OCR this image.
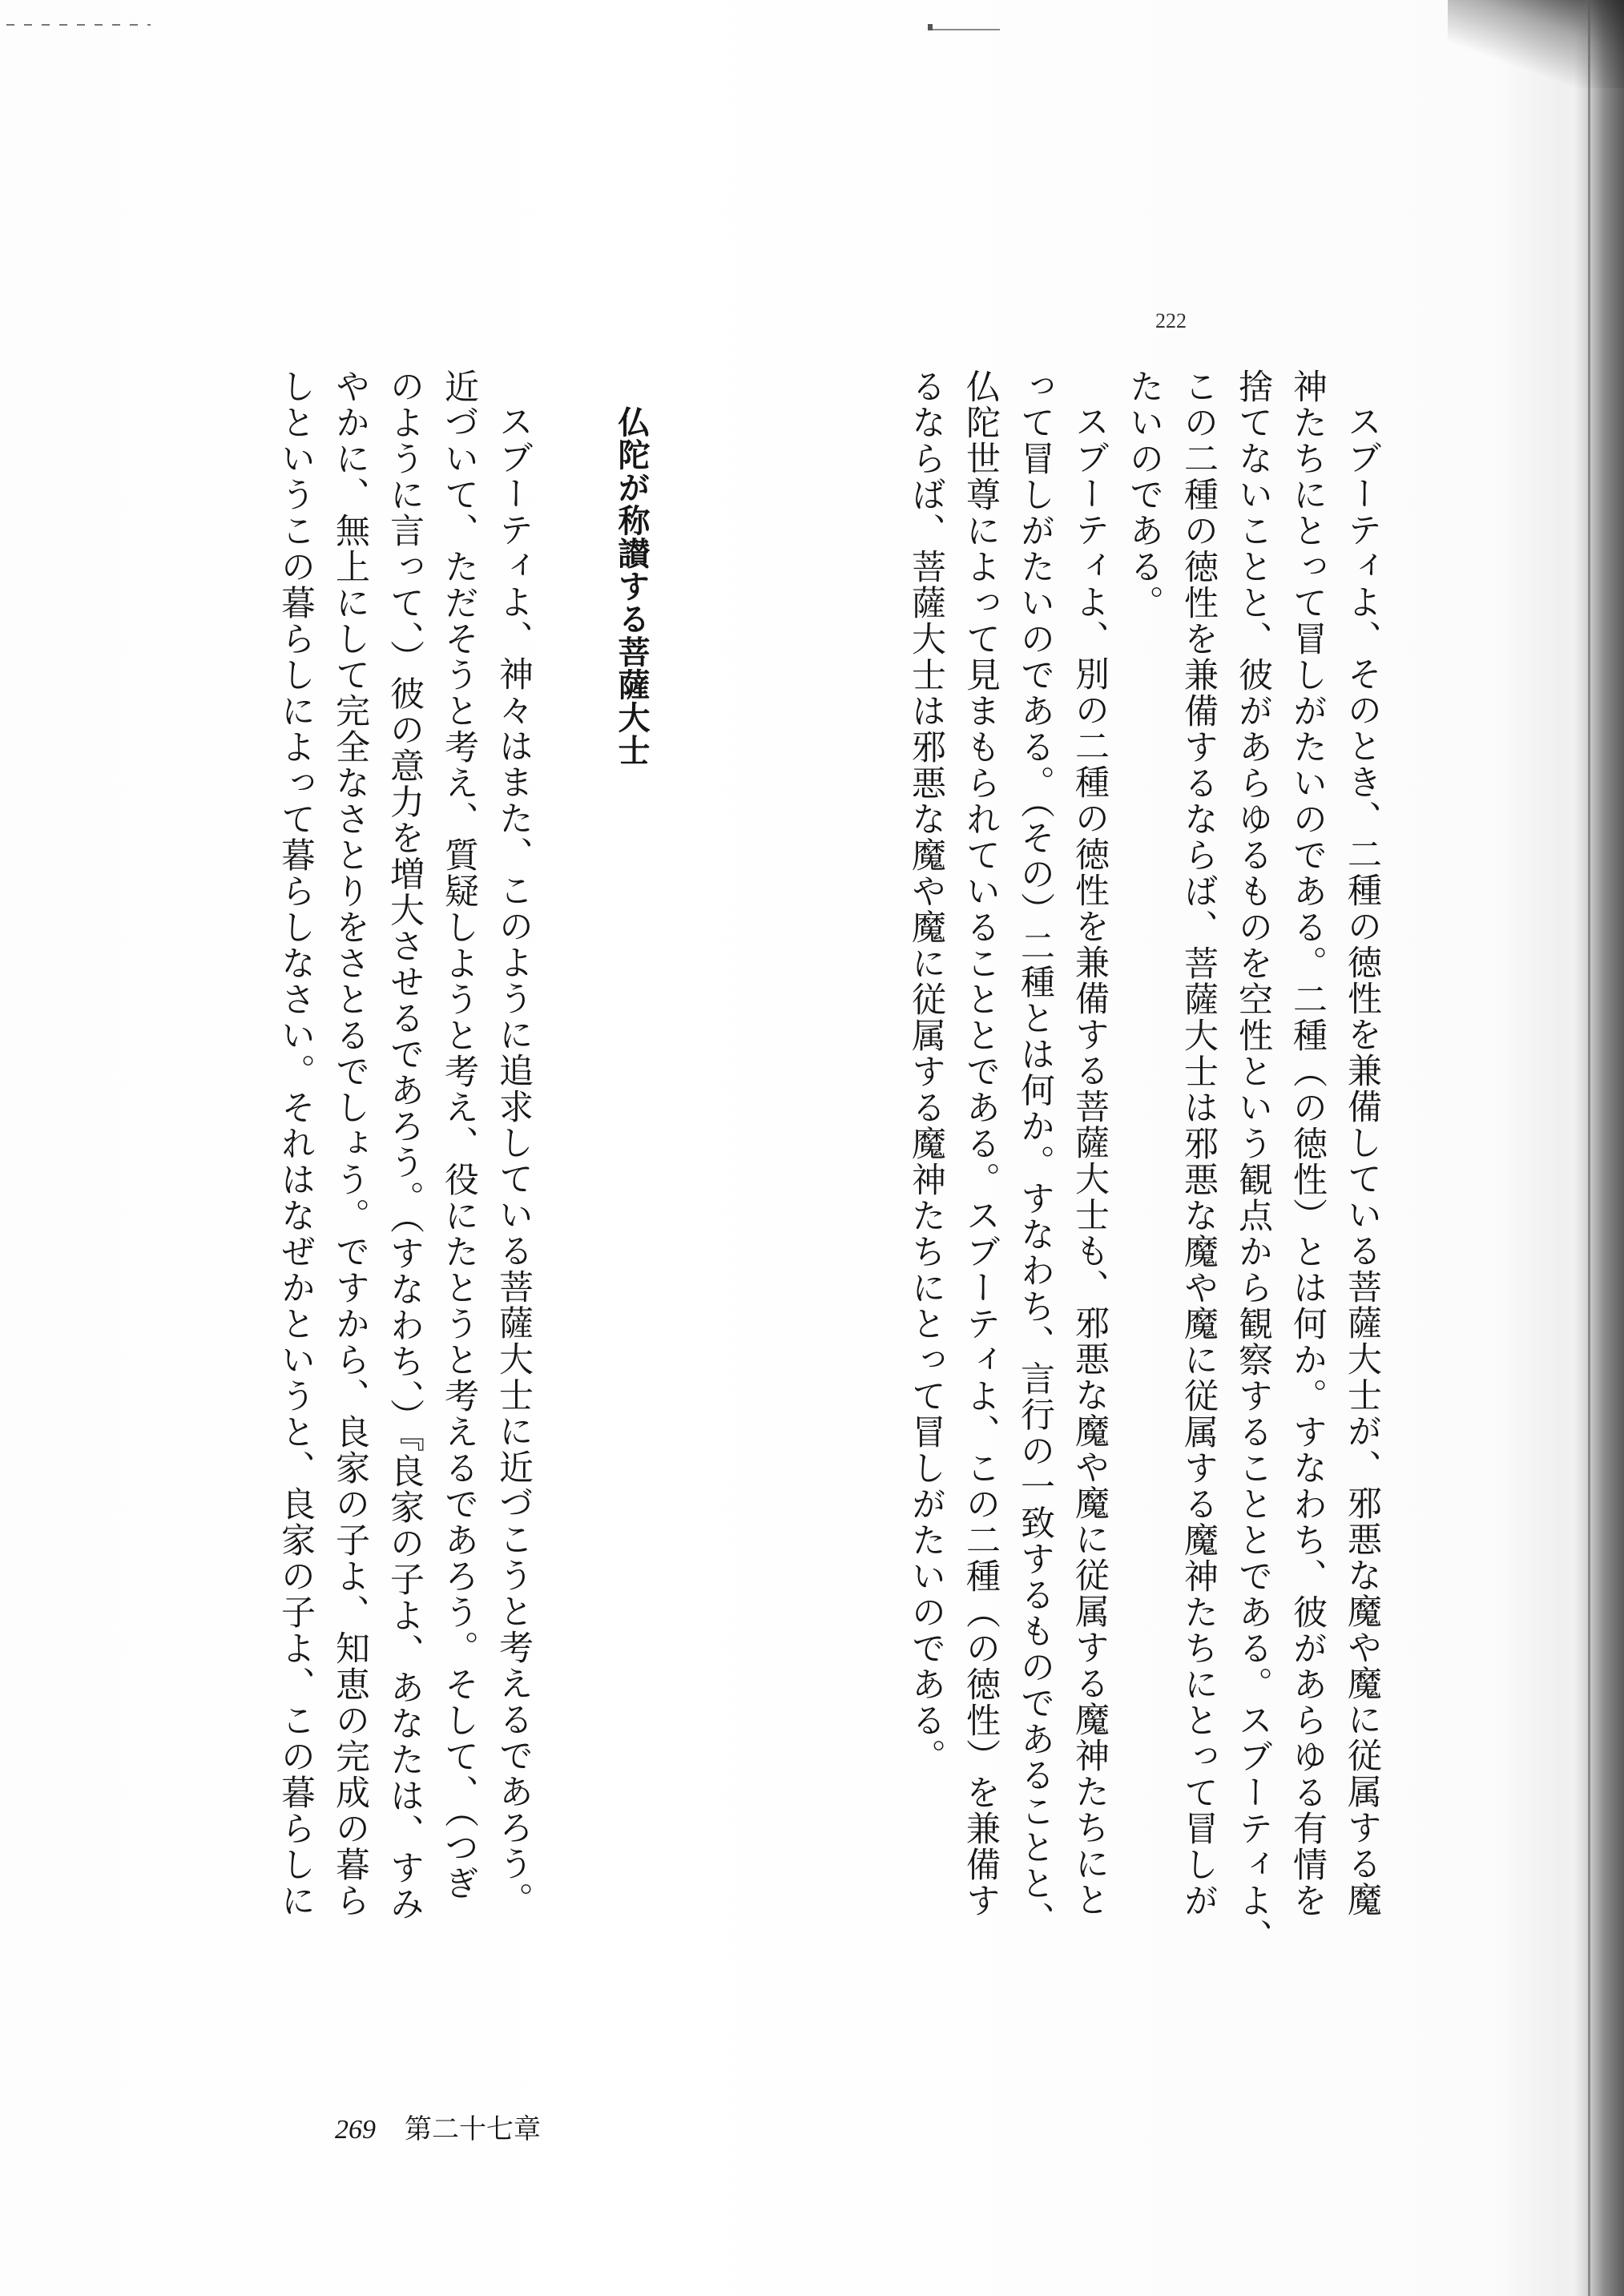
222

スブーティよ、そのとき、二種の徳性を兼備している菩薩大士が、邪悪な魔や魔に従属する魔

神たちにとって冒しがたいのである。二種（の徳性）とは何か。すなわち、彼があらゆる有情を

捨てないことと、彼があらゆるものを空性という観点から観察することとである。スブーティよ、

この二種の徳性を兼備するならば、菩薩大士は邪悪な魔や魔に従属する魔神たちにとって冒しが

たいのである。

スブーティよ、別の二種の徳性を兼備する菩薩大士も、邪悪な魔や魔に従属する魔神たちにと

って冒しがたいのである。（その）二種とは何か。すなわち、言行の一致するものであることと、

仏陀世尊によって見まもられていることとである。スブーティよ、この二種（の徳性）を兼備す

るならば、菩薩大士は邪悪な魔や魔に従属する魔神たちにとって冒しがたいのである。

仏陀が称讃する菩薩大士

スブーティよ、神々はまた、このように追求している菩薩大士に近づこうと考えるであろう。

近づいて、ただそうと考え、質疑しようと考え、役にたとうと考えるであろう。そして、（つぎ

のように言って、）彼の意力を増大させるであろう。（すなわち、）『良家の子よ、あなたは、すみ

やかに、無上にして完全なさとりをさとるでしょう。ですから、良家の子よ、知恵の完成の暮ら

しというこの暮らしによって暮らしなさい。それはなぜかというと、良家の子よ、この暮らしに

269 第二十七章
